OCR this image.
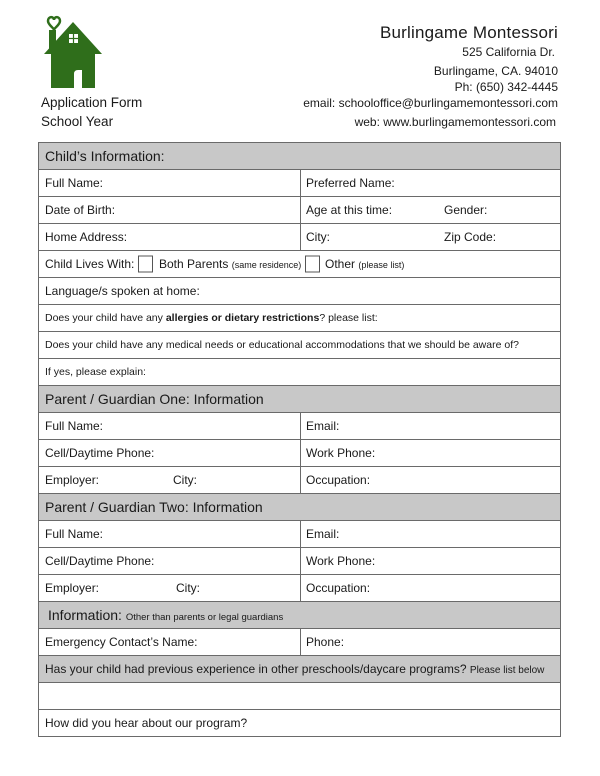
Burlingame Montessori
525 California Dr.
Burlingame, CA. 94010
Ph: (650) 342-4445
email: schooloffice@burlingamemontessori.com
web: www.burlingamemontessori.com
Application Form
School Year
Child’s Information:
Full Name:	Preferred Name:
Date of Birth:	Age at this time:	Gender:
Home Address:	City:	Zip Code:
Child Lives With: Both Parents (same residence) Other (please list)
Language/s spoken at home:
Does your child have any allergies or dietary restrictions? please list:
Does your child have any medical needs or educational accommodations that we should be aware of?
If yes, please explain:
Parent / Guardian One: Information
Full Name:	Email:
Cell/Daytime Phone:	Work Phone:
Employer:	City:	Occupation:
Parent / Guardian Two: Information
Full Name:	Email:
Cell/Daytime Phone:	Work Phone:
Employer:	City:	Occupation:
Information: Other than parents or legal guardians
Emergency Contact’s Name:	Phone:
Has your child had previous experience in other preschools/daycare programs? Please list below
How did you hear about our program?
